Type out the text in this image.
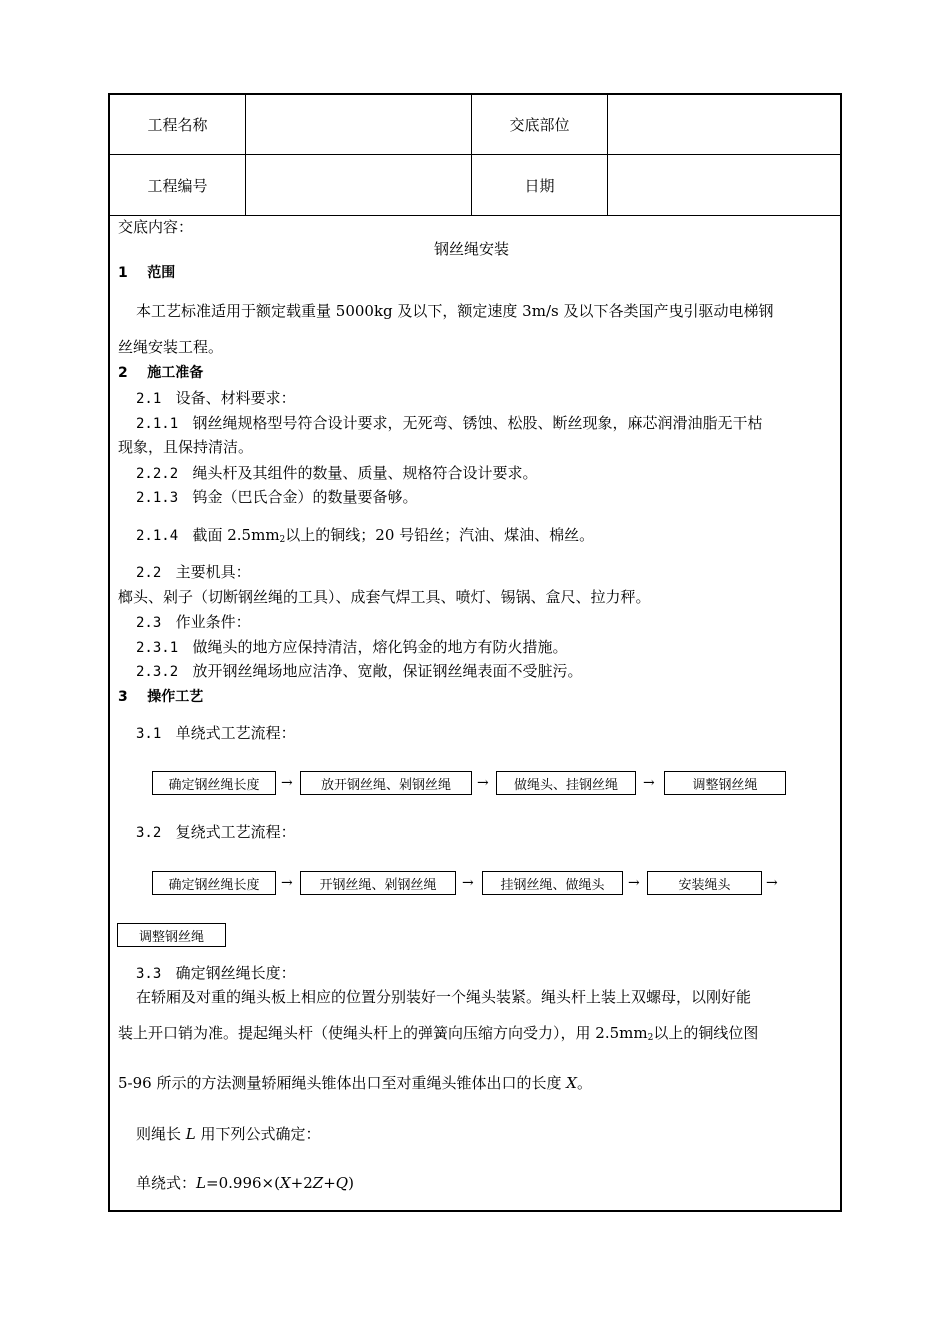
工程名称	交底部位
工程编号	日期
交底内容：
钢丝绳安装
1 范围
本工艺标准适用于额定载重量 5000kg 及以下，额定速度 3m/s 及以下各类国产曳引驱动电梯钢
丝绳安装工程。
2 施工准备
2.1 设备、材料要求：
2.1.1 钢丝绳规格型号符合设计要求，无死弯、锈蚀、松股、断丝现象，麻芯润滑油脂无干枯
现象，且保持清洁。
2.2.2 绳头杆及其组件的数量、质量、规格符合设计要求。
2.1.3 钨金（巴氏合金）的数量要备够。
2.1.4 截面 $2.5mm_2$以上的铜线；20 号铅丝；汽油、煤油、棉丝。
2.2 主要机具：
榔头、剁子（切断钢丝绳的工具）、成套气焊工具、喷灯、锡锅、盒尺、拉力秤。
2.3 作业条件：
2.3.1 做绳头的地方应保持清洁，熔化钨金的地方有防火措施。
2.3.2 放开钢丝绳场地应洁净、宽敞，保证钢丝绳表面不受脏污。
3 操作工艺
3.1 单绕式工艺流程：
确定钢丝绳长度	→	放开钢丝绳、剁钢丝绳	→	做绳头、挂钢丝绳	→	调整钢丝绳
3.2 复绕式工艺流程：
确定钢丝绳长度	→	开钢丝绳、剁钢丝绳	→	挂钢丝绳、做绳头	→	安装绳头	→
调整钢丝绳
3.3 确定钢丝绳长度：
在轿厢及对重的绳头板上相应的位置分别装好一个绳头装紧。绳头杆上装上双螺母，以刚好能
装上开口销为准。提起绳头杆（使绳头杆上的弹簧向压缩方向受力），用 $2.5mm_2$以上的铜线位图
5-96 所示的方法测量轿厢绳头锥体出口至对重绳头锥体出口的长度 X。
则绳长 L 用下列公式确定：
单绕式：L=0.996×(X+2Z+Q)
